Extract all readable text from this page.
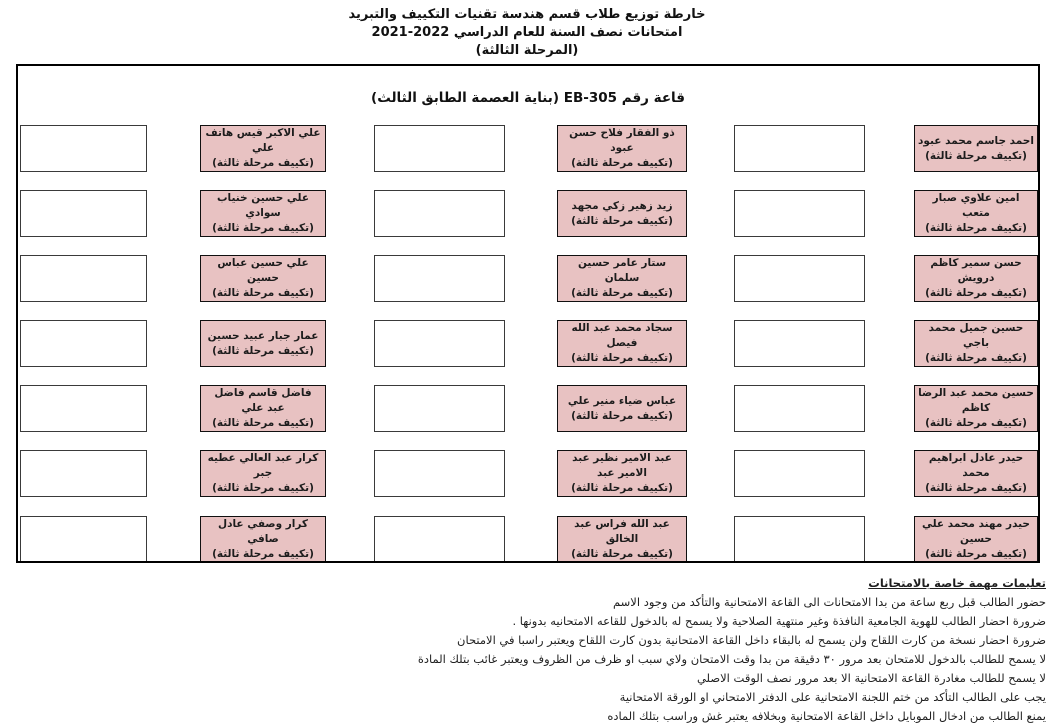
خارطة توزيع طلاب قسم هندسة تقنيات التكييف والتبريد
امتحانات نصف السنة للعام الدراسي 2022-2021
(المرحلة الثالثة)
قاعة رقم EB-305 (بناية العصمة الطابق الثالث)
علي الاكبر قيس هاتف علي
(تكييف مرحلة ثالثة)
ذو الفقار فلاح حسن عبود
(تكييف مرحلة ثالثة)
احمد جاسم محمد عبود
(تكييف مرحلة ثالثة)
علي حسين خنياب سوادي
(تكييف مرحلة ثالثة)
زيد زهير زكي مجهد
(تكييف مرحلة ثالثة)
امين علاوي صبار متعب
(تكييف مرحلة ثالثة)
علي حسين عباس حسين
(تكييف مرحلة ثالثة)
ستار عامر حسين سلمان
(تكييف مرحلة ثالثة)
حسن سمير كاظم درويش
(تكييف مرحلة ثالثة)
عمار جبار عبيد حسين
(تكييف مرحلة ثالثة)
سجاد محمد عبد الله فيصل
(تكييف مرحلة ثالثة)
حسين جميل محمد باجي
(تكييف مرحلة ثالثة)
فاضل قاسم فاضل عبد علي
(تكييف مرحلة ثالثة)
عباس ضياء منير علي
(تكييف مرحلة ثالثة)
حسين محمد عبد الرضا كاظم
(تكييف مرحلة ثالثة)
كرار عبد العالي عطيه جبر
(تكييف مرحلة ثالثة)
عبد الامير نظير عبد الامير عبد
(تكييف مرحلة ثالثة)
حيدر عادل ابراهيم محمد
(تكييف مرحلة ثالثة)
كرار وصفي عادل صافي
(تكييف مرحلة ثالثة)
عبد الله فراس عبد الخالق
(تكييف مرحلة ثالثة)
حيدر مهند محمد علي حسين
(تكييف مرحلة ثالثة)
تعليمات مهمة خاصة بالامتحانات
حضور الطالب قبل ربع ساعة من بدا الامتحانات الى القاعة الامتحانية والتأكد من وجود الاسم
ضرورة احضار الطالب للهوية الجامعية النافذة وغير منتهية الصلاحية ولا يسمح له بالدخول للقاعه الامتحانيه بدونها .
ضرورة احضار نسخة من كارت اللقاح ولن يسمح له بالبقاء داخل القاعة الامتحانية بدون كارت اللقاح ويعتبر راسبا في الامتحان
لا يسمح للطالب بالدخول للامتحان بعد مرور ٣٠ دقيقة من بدا وقت الامتحان ولاي سبب او ظرف من الظروف ويعتبر غائب بتلك المادة
لا يسمح للطالب مغادرة القاعة الامتحانية الا بعد مرور نصف الوقت الاصلي
يجب على الطالب التأكد من ختم اللجنة الامتحانية على الدفتر الامتحاني او الورقة الامتحانية
يمنع الطالب من ادخال الموبايل داخل القاعة الامتحانية وبخلافه يعتبر غش وراسب بتلك الماده
